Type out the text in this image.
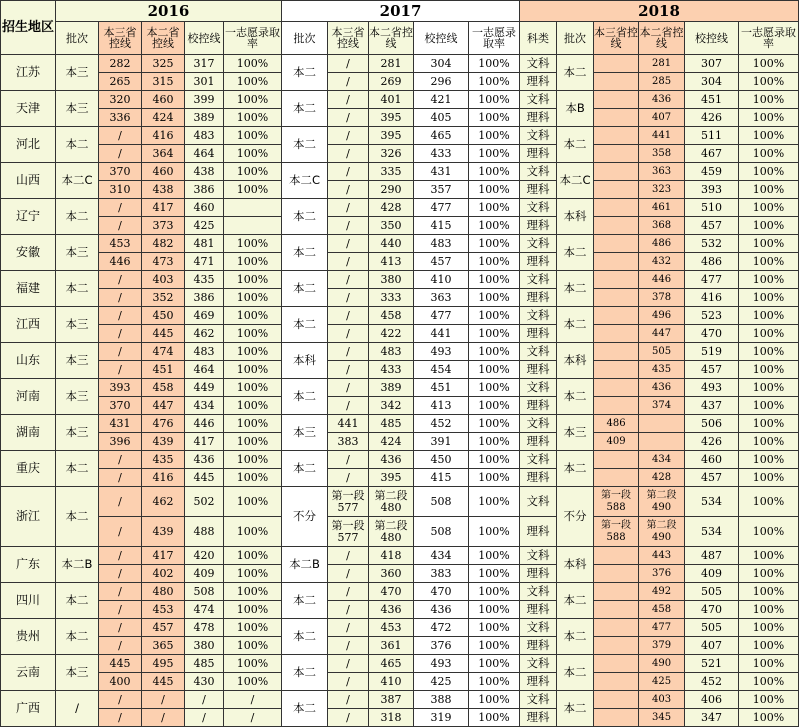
招生地区	2016					2017					2018					
	批次	本三省控线	本二省控线	校控线	一志愿录取率	批次	本三省控线	本二省控线	校控线	一志愿录取率	科类	批次	本三省控线	本二省控线	校控线	一志愿录取率
江苏	本三	282	325	317	100%	本二	/	281	304	100%	文科	本二		281	307	100%
		265	315	301	100%		/	269	296	100%	理科			285	304	100%
天津	本三	320	460	399	100%	本二	/	401	421	100%	文科	本B		436	451	100%
		336	424	389	100%		/	395	405	100%	理科			407	426	100%
河北	本二	/	416	483	100%	本二	/	395	465	100%	文科	本二		441	511	100%
		/	364	464	100%		/	326	433	100%	理科			358	467	100%
山西	本二C	370	460	438	100%	本二C	/	335	431	100%	文科	本二C		363	459	100%
		310	438	386	100%		/	290	357	100%	理科			323	393	100%
辽宁	本二	/	417	460		本二	/	428	477	100%	文科	本科		461	510	100%
		/	373	425			/	350	415	100%	理科			368	457	100%
安徽	本三	453	482	481	100%	本二	/	440	483	100%	文科	本二		486	532	100%
		446	473	471	100%		/	413	457	100%	理科			432	486	100%
福建	本二	/	403	435	100%	本二	/	380	410	100%	文科	本二		446	477	100%
		/	352	386	100%		/	333	363	100%	理科			378	416	100%
江西	本三	/	450	469	100%	本二	/	458	477	100%	文科	本二		496	523	100%
		/	445	462	100%		/	422	441	100%	理科			447	470	100%
山东	本三	/	474	483	100%	本科	/	483	493	100%	文科	本科		505	519	100%
		/	451	464	100%		/	433	454	100%	理科			435	457	100%
河南	本三	393	458	449	100%	本二	/	389	451	100%	文科	本二		436	493	100%
		370	447	434	100%		/	342	413	100%	理科			374	437	100%
湖南	本三	431	476	446	100%	本三	441	485	452	100%	文科	本三	486		506	100%
		396	439	417	100%		383	424	391	100%	理科		409		426	100%
重庆	本二	/	435	436	100%	本二	/	436	450	100%	文科	本二		434	460	100%
		/	416	445	100%		/	395	415	100%	理科			428	457	100%
浙江	本二	/	462	502	100%	不分	第一段 577	第二段 480	508	100%	文科	不分	第一段 588	第二段 490	534	100%
		/	439	488	100%		第一段 577	第二段 480	508	100%	理科		第一段 588	第二段 490	534	100%
广东	本二B	/	417	420	100%	本二B	/	418	434	100%	文科	本科		443	487	100%
		/	402	409	100%		/	360	383	100%	理科			376	409	100%
四川	本二	/	480	508	100%	本二	/	470	470	100%	文科	本二		492	505	100%
		/	453	474	100%		/	436	436	100%	理科			458	470	100%
贵州	本二	/	457	478	100%	本二	/	453	472	100%	文科	本二		477	505	100%
		/	365	380	100%		/	361	376	100%	理科			379	407	100%
云南	本三	445	495	485	100%	本二	/	465	493	100%	文科	本二		490	521	100%
		400	445	430	100%		/	410	425	100%	理科			425	452	100%
广西	/	/	/	/	/	本二	/	387	388	100%	文科	本二		403	406	100%
		/	/	/	/		/	318	319	100%	理科			345	347	100%
